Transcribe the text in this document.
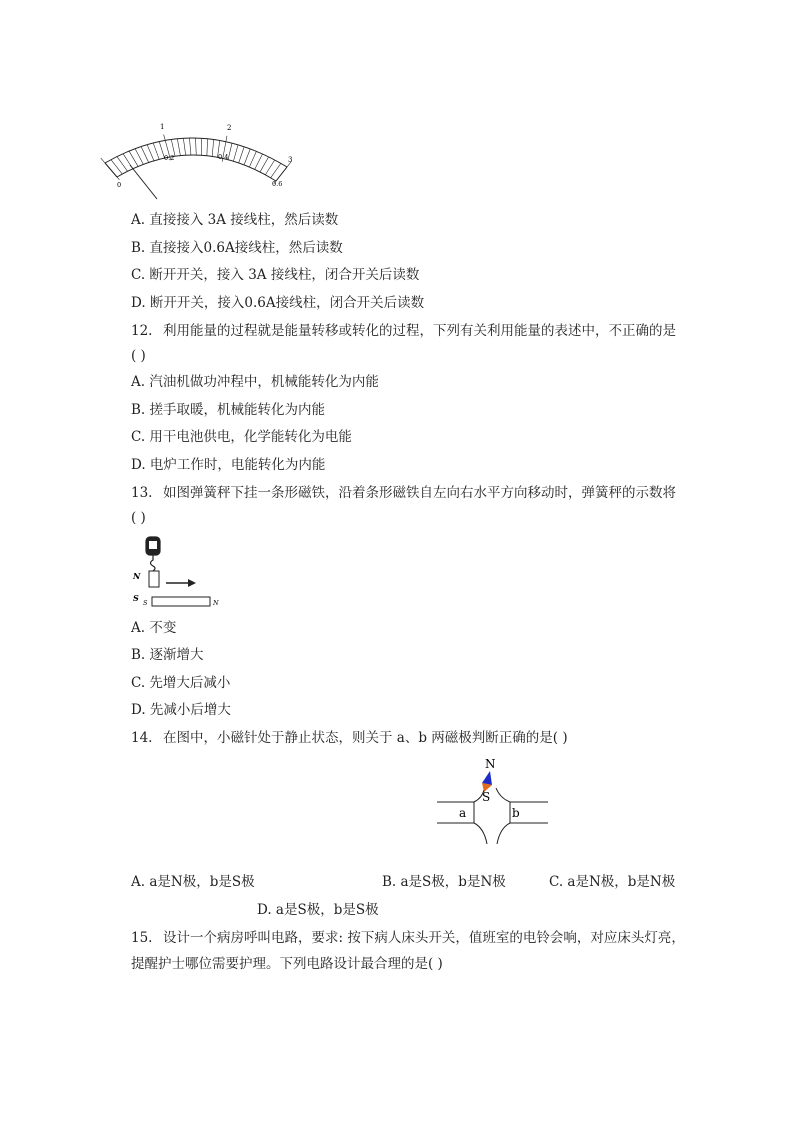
1	2
3
0
0.2	0.4
0.6
A. 直接接入 3A 接线柱，然后读数
B. 直接接入0.6A接线柱，然后读数
C. 断开开关，接入 3A 接线柱，闭合开关后读数
D. 断开开关，接入0.6A接线柱，闭合开关后读数
12. 利用能量的过程就是能量转移或转化的过程，下列有关利用能量的表述中，不正确的是
( )
A. 汽油机做功冲程中，机械能转化为内能
B. 搓手取暖，机械能转化为内能
C. 用干电池供电，化学能转化为电能
D. 电炉工作时，电能转化为内能
13. 如图弹簧秤下挂一条形磁铁，沿着条形磁铁自左向右水平方向移动时，弹簧秤的示数将
( )
N
S S	N
A. 不变
B. 逐渐增大
C. 先增大后减小
D. 先减小后增大
14. 在图中，小磁针处于静止状态，则关于 a、b 两磁极判断正确的是( )
N
S
a	b
A. a是N极，b是S极	B. a是S极，b是N极	C. a是N极，b是N极
D. a是S极，b是S极
15. 设计一个病房呼叫电路，要求: 按下病人床头开关，值班室的电铃会响，对应床头灯亮，
提醒护士哪位需要护理。下列电路设计最合理的是( )
